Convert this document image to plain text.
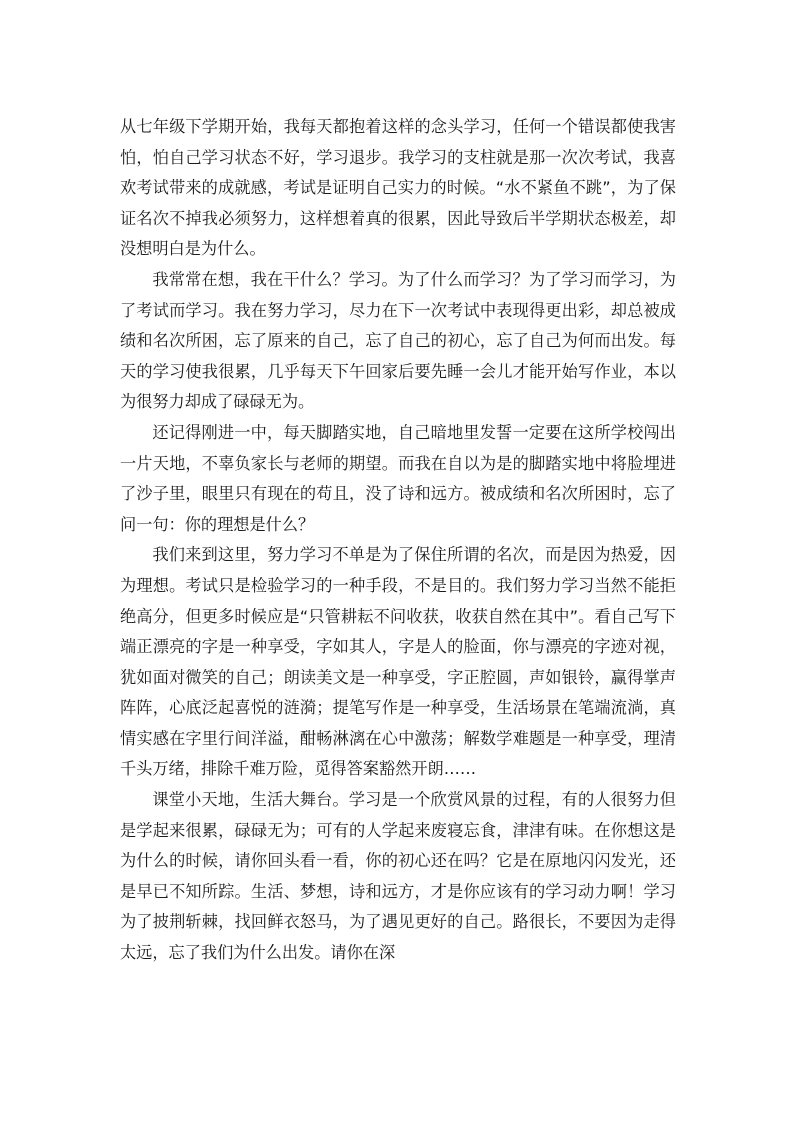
从七年级下学期开始，我每天都抱着这样的念头学习，任何一个错误都使我害怕，怕自己学习状态不好，学习退步。我学习的支柱就是那一次次考试，我喜欢考试带来的成就感，考试是证明自己实力的时候。“水不紧鱼不跳”，为了保证名次不掉我必须努力，这样想着真的很累，因此导致后半学期状态极差，却没想明白是为什么。

我常常在想，我在干什么？学习。为了什么而学习？为了学习而学习，为了考试而学习。我在努力学习，尽力在下一次考试中表现得更出彩，却总被成绩和名次所困，忘了原来的自己，忘了自己的初心，忘了自己为何而出发。每天的学习使我很累，几乎每天下午回家后要先睡一会儿才能开始写作业，本以为很努力却成了碌碌无为。

还记得刚进一中，每天脚踏实地，自己暗地里发誓一定要在这所学校闯出一片天地，不辜负家长与老师的期望。而我在自以为是的脚踏实地中将脸埋进了沙子里，眼里只有现在的苟且，没了诗和远方。被成绩和名次所困时，忘了问一句：你的理想是什么？

我们来到这里，努力学习不单是为了保住所谓的名次，而是因为热爱，因为理想。考试只是检验学习的一种手段，不是目的。我们努力学习当然不能拒绝高分，但更多时候应是“只管耕耘不问收获，收获自然在其中”。看自己写下端正漂亮的字是一种享受，字如其人，字是人的脸面，你与漂亮的字迹对视，犹如面对微笑的自己；朗读美文是一种享受，字正腔圆，声如银铃，赢得掌声阵阵，心底泛起喜悦的涟漪；提笔写作是一种享受，生活场景在笔端流淌，真情实感在字里行间洋溢，酣畅淋漓在心中激荡；解数学难题是一种享受，理清千头万绪，排除千难万险，觅得答案豁然开朗……

课堂小天地，生活大舞台。学习是一个欣赏风景的过程，有的人很努力但是学起来很累，碌碌无为；可有的人学起来废寝忘食，津津有味。在你想这是为什么的时候，请你回头看一看，你的初心还在吗？它是在原地闪闪发光，还是早已不知所踪。生活、梦想，诗和远方，才是你应该有的学习动力啊！学习为了披荆斩棘，找回鲜衣怒马，为了遇见更好的自己。路很长，不要因为走得太远，忘了我们为什么出发。请你在深
